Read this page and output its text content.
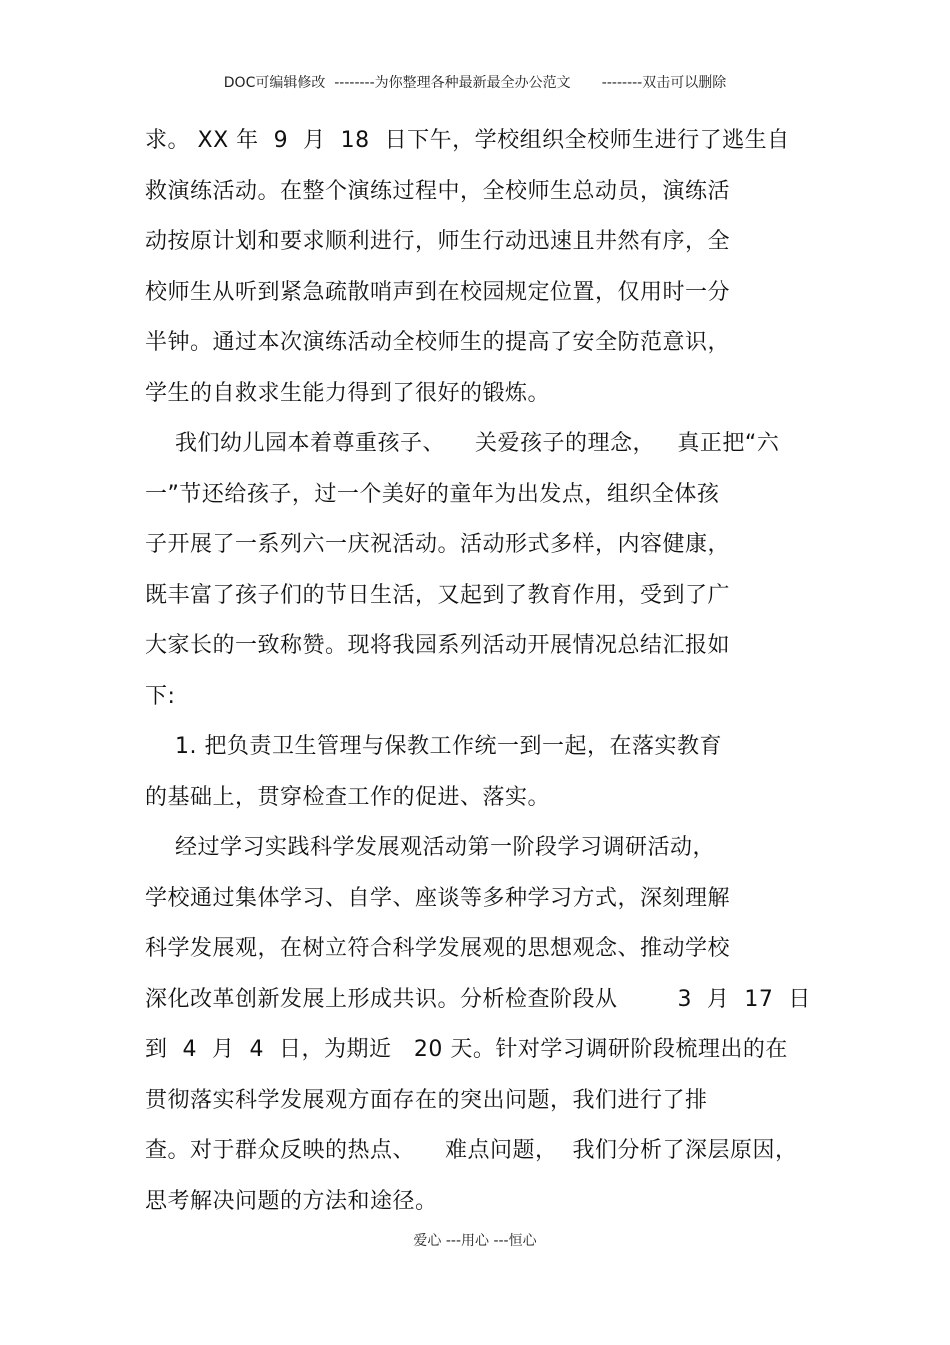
DOC可编辑修改  --------为你整理各种最新最全办公范文       --------双击可以删除
求。 XX 年  9  月  18  日下午，学校组织全校师生进行了逃生自
救演练活动。在整个演练过程中，全校师生总动员，演练活
动按原计划和要求顺利进行，师生行动迅速且井然有序，全
校师生从听到紧急疏散哨声到在校园规定位置，仅用时一分
半钟。通过本次演练活动全校师生的提高了安全防范意识，
学生的自救求生能力得到了很好的锻炼。
我们幼儿园本着尊重孩子、    关爱孩子的理念，   真正把“六
一”节还给孩子，过一个美好的童年为出发点，组织全体孩
子开展了一系列六一庆祝活动。活动形式多样，内容健康，
既丰富了孩子们的节日生活，又起到了教育作用，受到了广
大家长的一致称赞。现将我园系列活动开展情况总结汇报如
下:
1. 把负责卫生管理与保教工作统一到一起，在落实教育
的基础上，贯穿检查工作的促进、落实。
经过学习实践科学发展观活动第一阶段学习调研活动，
学校通过集体学习、自学、座谈等多种学习方式，深刻理解
科学发展观，在树立符合科学发展观的思想观念、推动学校
深化改革创新发展上形成共识。分析检查阶段从        3  月  17  日
到  4  月  4  日，为期近   20 天。针对学习调研阶段梳理出的在
贯彻落实科学发展观方面存在的突出问题，我们进行了排
查。对于群众反映的热点、    难点问题，  我们分析了深层原因，
思考解决问题的方法和途径。
爱心 ---用心 ---恒心
